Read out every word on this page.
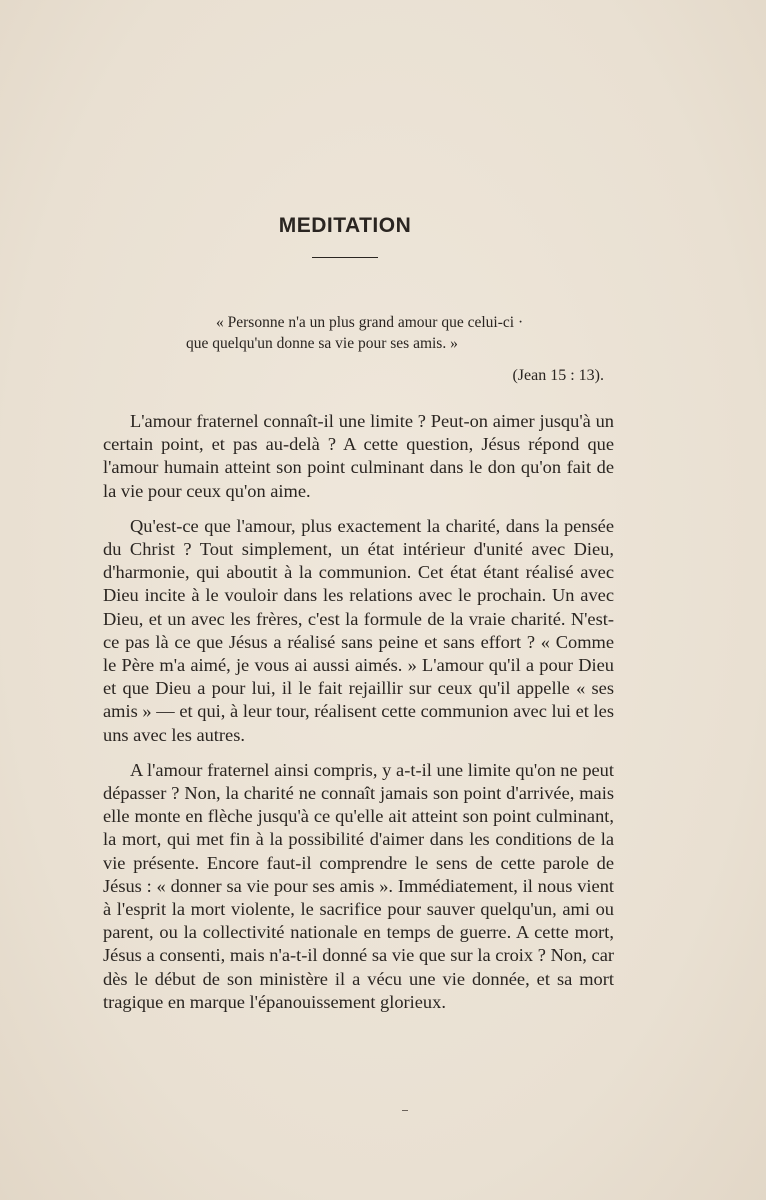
MEDITATION
« Personne n'a un plus grand amour que celui-ci ·
que quelqu'un donne sa vie pour ses amis. »
(Jean 15 : 13).

L'amour fraternel connaît-il une limite ? Peut-on aimer jusqu'à un certain point, et pas au-delà ? A cette question, Jésus répond que l'amour humain atteint son point culminant dans le don qu'on fait de la vie pour ceux qu'on aime.

Qu'est-ce que l'amour, plus exactement la charité, dans la pensée du Christ ? Tout simplement, un état intérieur d'unité avec Dieu, d'harmonie, qui aboutit à la communion. Cet état étant réalisé avec Dieu incite à le vouloir dans les relations avec le prochain. Un avec Dieu, et un avec les frères, c'est la formule de la vraie charité. N'est-ce pas là ce que Jésus a réalisé sans peine et sans effort ? « Comme le Père m'a aimé, je vous ai aussi aimés. » L'amour qu'il a pour Dieu et que Dieu a pour lui, il le fait rejaillir sur ceux qu'il appelle « ses amis » — et qui, à leur tour, réalisent cette communion avec lui et les uns avec les autres.

A l'amour fraternel ainsi compris, y a-t-il une limite qu'on ne peut dépasser ? Non, la charité ne connaît jamais son point d'arrivée, mais elle monte en flèche jusqu'à ce qu'elle ait atteint son point culminant, la mort, qui met fin à la possibilité d'aimer dans les conditions de la vie présente. Encore faut-il comprendre le sens de cette parole de Jésus : « donner sa vie pour ses amis ». Immédiatement, il nous vient à l'esprit la mort violente, le sacrifice pour sauver quelqu'un, ami ou parent, ou la collectivité nationale en temps de guerre. A cette mort, Jésus a consenti, mais n'a-t-il donné sa vie que sur la croix ? Non, car dès le début de son ministère il a vécu une vie donnée, et sa mort tragique en marque l'épanouissement glorieux.
